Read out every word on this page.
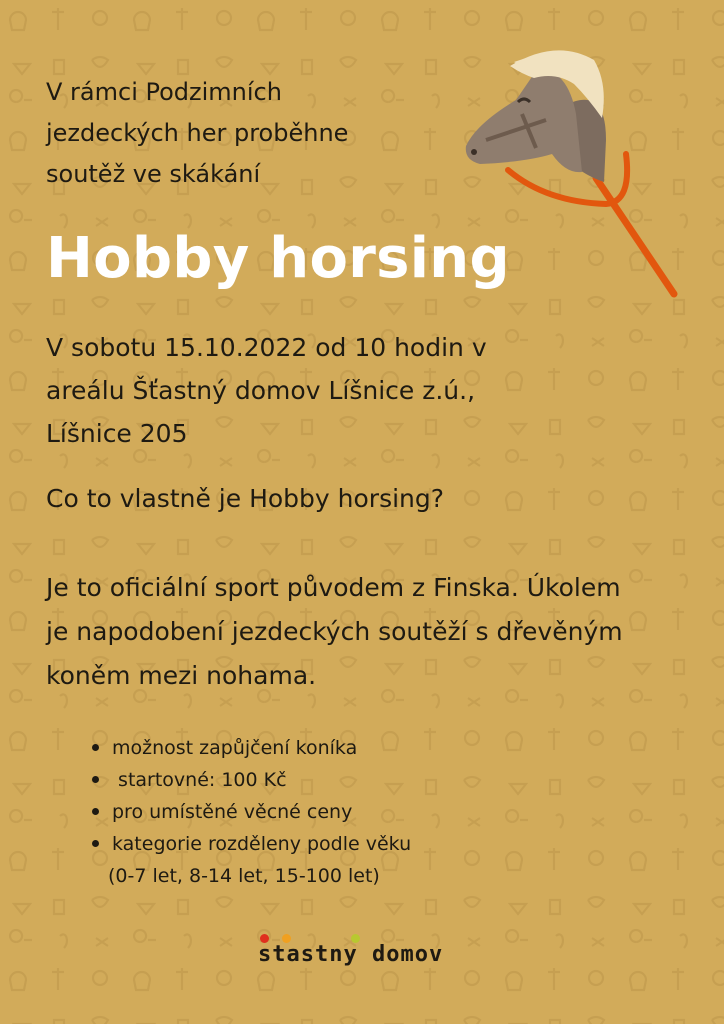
V rámci Podzimních
jezdeckých her proběhne
soutěž ve skákání

Hobby horsing

V sobotu 15.10.2022 od 10 hodin v
areálu Šťastný domov Líšnice z.ú.,
Líšnice 205

Co to vlastně je Hobby horsing?

Je to oficiální sport původem z Finska. Úkolem
je napodobení jezdeckých soutěží s dřevěným
koněm mezi nohama.

možnost zapůjčení koníka
startovné: 100 Kč
pro umístěné věcné ceny
kategorie rozděleny podle věku
(0-7 let, 8-14 let, 15-100 let)
stastny domov
